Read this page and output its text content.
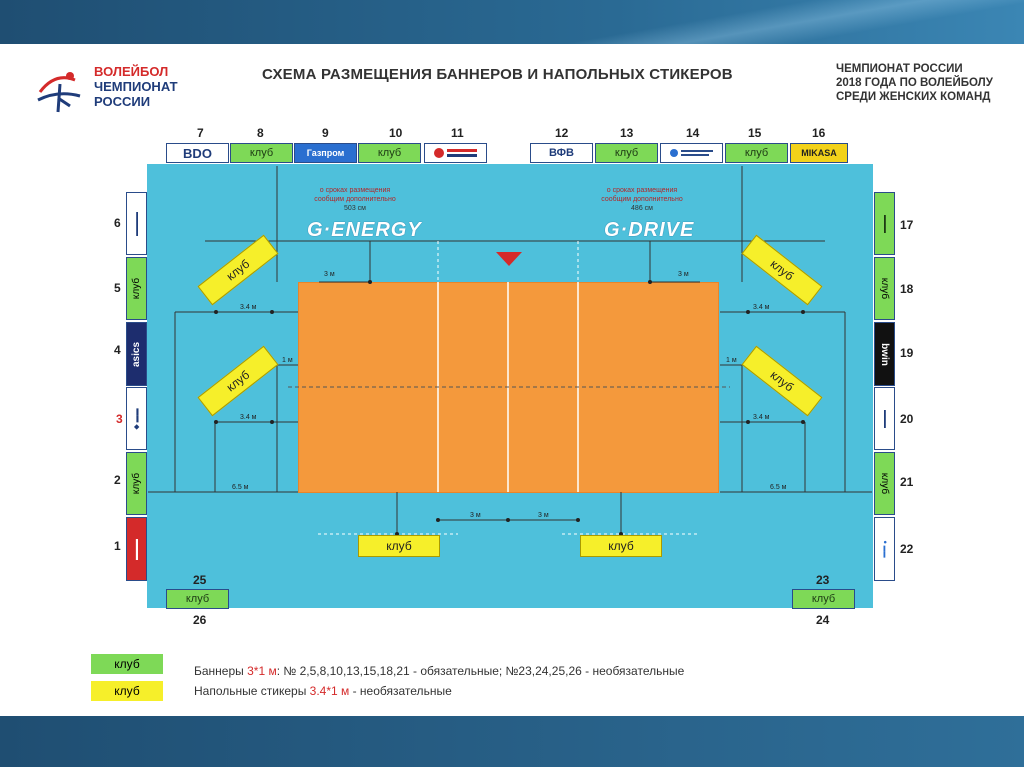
ВОЛЕЙБОЛ
ЧЕМПИОНАТ
РОССИИ
СХЕМА РАЗМЕЩЕНИЯ БАННЕРОВ И НАПОЛЬНЫХ СТИКЕРОВ	ЧЕМПИОНАТ РОССИИ
2018 ГОДА ПО ВОЛЕЙБОЛУ
СРЕДИ ЖЕНСКИХ КОМАНД
7	8	9	10	11	12	13	14	15	16
BDO	клуб	Газпром	клуб	ВФВ	клуб	клуб	MIKASA
6
5
4
3
2
1
▬▬▬▬
клуб
asics
◆ ▬▬
клуб
▬▬▬
17
18
19
20
21
22
▬▬▬
клуб
bwin
▬▬▬
клуб
● ▬▬
о сроках размещения
сообщим дополнительно
503 см
о сроках размещения
сообщим дополнительно
486 см
G·ENERGY	G·DRIVE
3 м	3 м
3.4 м
3.4 м
3.4 м
3.4 м
1 м	1 м
6.5 м	6.5 м
3 м	3 м
клуб
клуб
клуб
клуб
клуб	клуб
25
клуб
26
23
клуб
24
клуб
клуб
Баннеры 3*1 м: № 2,5,8,10,13,15,18,21 - обязательные; №23,24,25,26 - необязательные
Напольные стикеры 3.4*1 м - необязательные
